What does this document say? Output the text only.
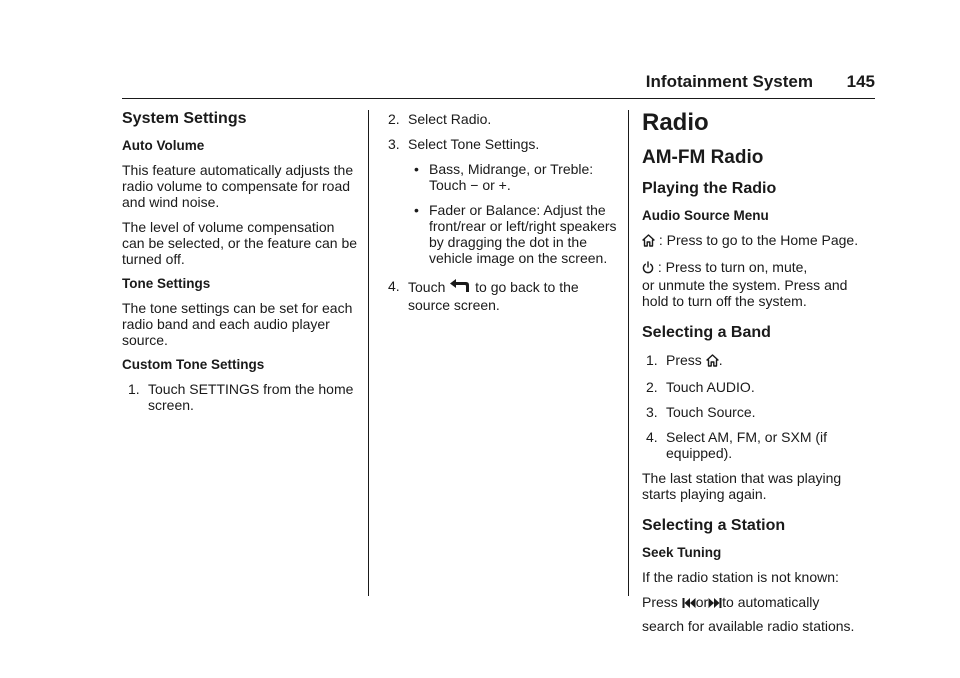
Infotainment System 145
System Settings
Auto Volume

This feature automatically adjusts the radio volume to compensate for road and wind noise.

The level of volume compensation can be selected, or the feature can be turned off.

Tone Settings

The tone settings can be set for each radio band and each audio player source.

Custom Tone Settings
1. Touch SETTINGS from the home screen.
2. Select Radio.
3. Select Tone Settings.
• Bass, Midrange, or Treble: Touch − or +.
• Fader or Balance: Adjust the front/rear or left/right speakers by dragging the dot in the vehicle image on the screen.
4. Touch to go back to the
source screen.
Radio
AM-FM Radio
Playing the Radio
Audio Source Menu

: Press to go to the Home Page.

: Press to turn on, mute,
or unmute the system. Press and hold to turn off the system.

Selecting a Band
1. Press .
2. Touch AUDIO.
3. Touch Source.
4. Select AM, FM, or SXM (if equipped).

The last station that was playing starts playing again.

Selecting a Station
Seek Tuning

If the radio station is not known:

Press or to automatically
search for available radio stations.
